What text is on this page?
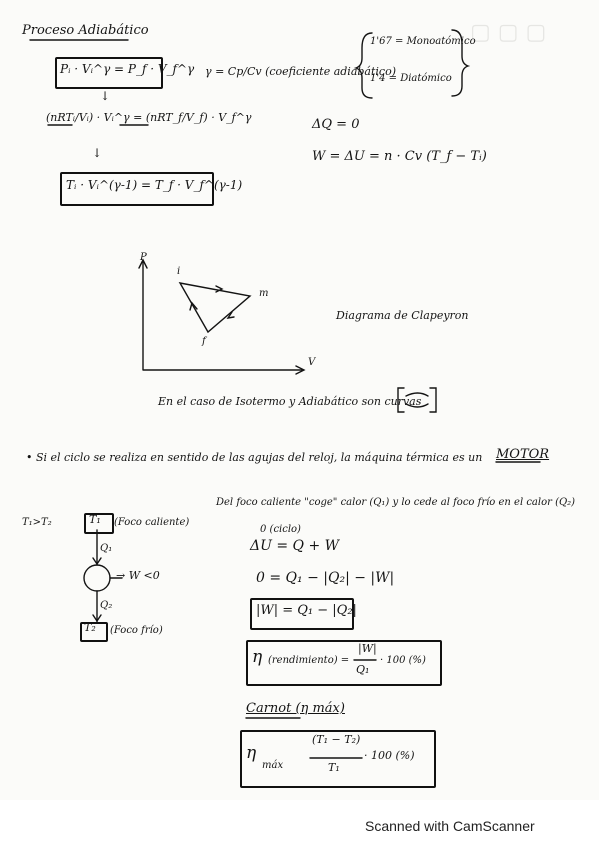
▢ ▢ ▢
Proceso Adiabático
Pᵢ · Vᵢ^γ = P_f · V_f^γ
↓
(nRTᵢ/Vᵢ) · Vᵢ^γ = (nRT_f/V_f) · V_f^γ
↓
Tᵢ · Vᵢ^(γ-1) = T_f · V_f^(γ-1)
γ = Cp/Cv (coeficiente adiabático)
1'67 = Monoatómico
1'4 = Diatómico
ΔQ = 0
W = ΔU = n · Cv (T_f − Tᵢ)
P
V
i
m
f
Diagrama de Clapeyron
En el caso de Isotermo y Adiabático son curvas
• Si el ciclo se realiza en sentido de las agujas del reloj, la máquina térmica es un MOTOR
Del foco caliente "coge" calor (Q₁) y lo cede al foco frío en el calor (Q₂)
T₁>T₂	T₁ (Foco caliente)
Q₁
→ W <0
Q₂
T₂ (Foco frío)
0 (ciclo)
ΔU = Q + W
0 = Q₁ − |Q₂| − |W|
|W| = Q₁ − |Q₂|
η (rendimiento) =
|W|
Q₁
· 100 (%)
Carnot (η máx)
η
máx
(T₁ − T₂)
T₁
· 100 (%)
Scanned with CamScanner
